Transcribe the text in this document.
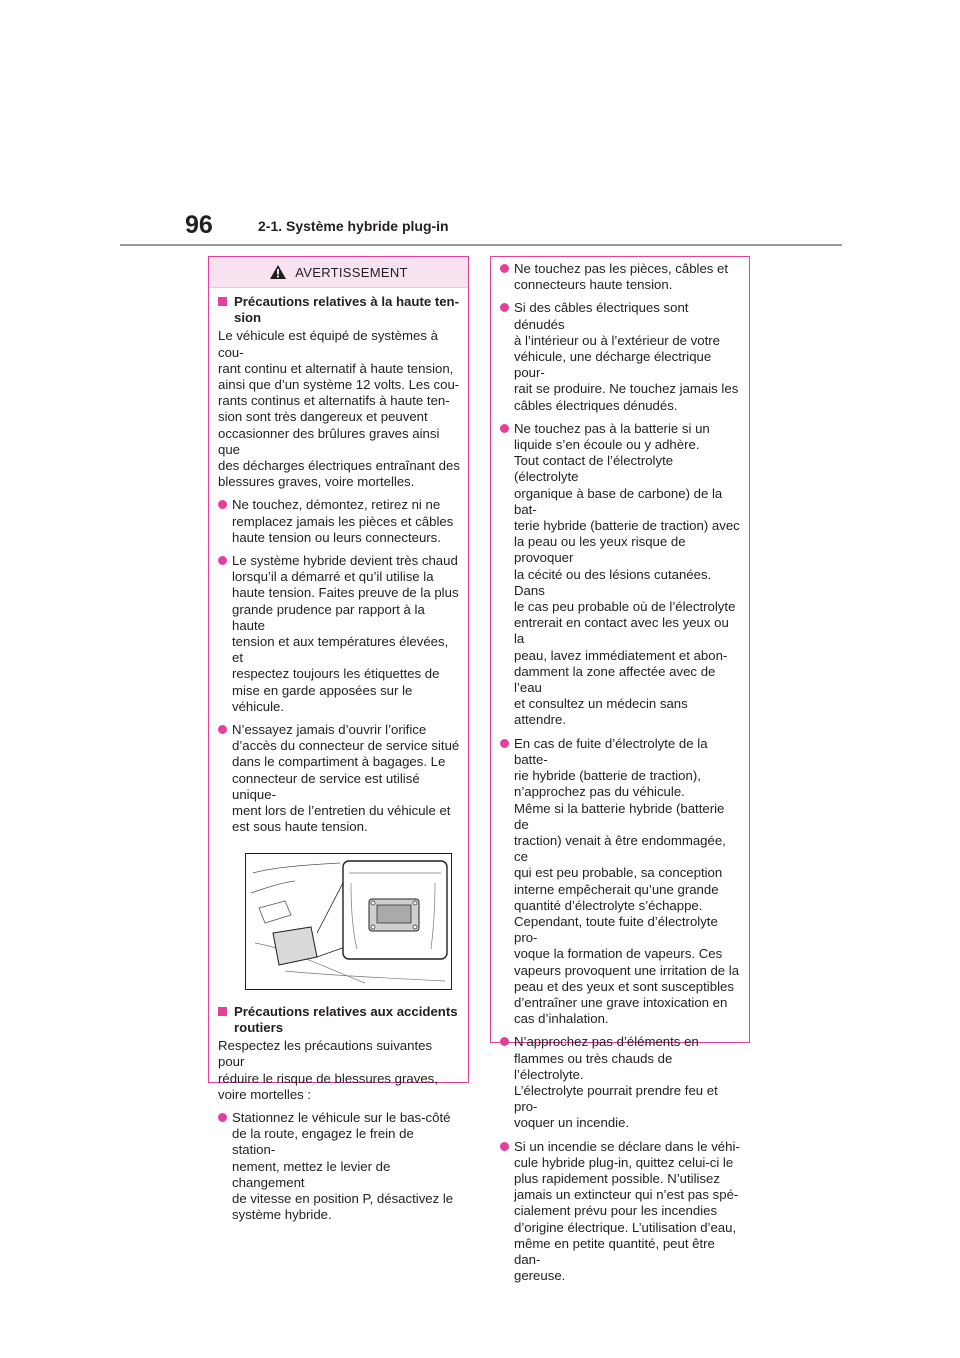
96	2-1. Système hybride plug-in
AVERTISSEMENT
Précautions relatives à la haute ten-
sion
Le véhicule est équipé de systèmes à cou-
rant continu et alternatif à haute tension,
ainsi que d’un système 12 volts. Les cou-
rants continus et alternatifs à haute ten-
sion sont très dangereux et peuvent
occasionner des brûlures graves ainsi que
des décharges électriques entraînant des
blessures graves, voire mortelles.
Ne touchez, démontez, retirez ni ne
remplacez jamais les pièces et câbles
haute tension ou leurs connecteurs.
Le système hybride devient très chaud
lorsqu’il a démarré et qu’il utilise la
haute tension. Faites preuve de la plus
grande prudence par rapport à la haute
tension et aux températures élevées, et
respectez toujours les étiquettes de
mise en garde apposées sur le véhicule.
N’essayez jamais d’ouvrir l’orifice
d’accès du connecteur de service situé
dans le compartiment à bagages. Le
connecteur de service est utilisé unique-
ment lors de l’entretien du véhicule et
est sous haute tension.
Précautions relatives aux accidents
routiers
Respectez les précautions suivantes pour
réduire le risque de blessures graves,
voire mortelles :
Stationnez le véhicule sur le bas-côté
de la route, engagez le frein de station-
nement, mettez le levier de changement
de vitesse en position P, désactivez le
système hybride.
Ne touchez pas les pièces, câbles et
connecteurs haute tension.
Si des câbles électriques sont dénudés
à l’intérieur ou à l’extérieur de votre
véhicule, une décharge électrique pour-
rait se produire. Ne touchez jamais les
câbles électriques dénudés.
Ne touchez pas à la batterie si un
liquide s’en écoule ou y adhère.
Tout contact de l’électrolyte (électrolyte
organique à base de carbone) de la bat-
terie hybride (batterie de traction) avec
la peau ou les yeux risque de provoquer
la cécité ou des lésions cutanées. Dans
le cas peu probable où de l’électrolyte
entrerait en contact avec les yeux ou la
peau, lavez immédiatement et abon-
damment la zone affectée avec de l’eau
et consultez un médecin sans attendre.
En cas de fuite d’électrolyte de la batte-
rie hybride (batterie de traction),
n’approchez pas du véhicule.
Même si la batterie hybride (batterie de
traction) venait à être endommagée, ce
qui est peu probable, sa conception
interne empêcherait qu’une grande
quantité d’électrolyte s’échappe.
Cependant, toute fuite d’électrolyte pro-
voque la formation de vapeurs. Ces
vapeurs provoquent une irritation de la
peau et des yeux et sont susceptibles
d’entraîner une grave intoxication en
cas d’inhalation.
N’approchez pas d’éléments en
flammes ou très chauds de l’électrolyte.
L’électrolyte pourrait prendre feu et pro-
voquer un incendie.
Si un incendie se déclare dans le véhi-
cule hybride plug-in, quittez celui-ci le
plus rapidement possible. N’utilisez
jamais un extincteur qui n’est pas spé-
cialement prévu pour les incendies
d’origine électrique. L’utilisation d’eau,
même en petite quantité, peut être dan-
gereuse.
